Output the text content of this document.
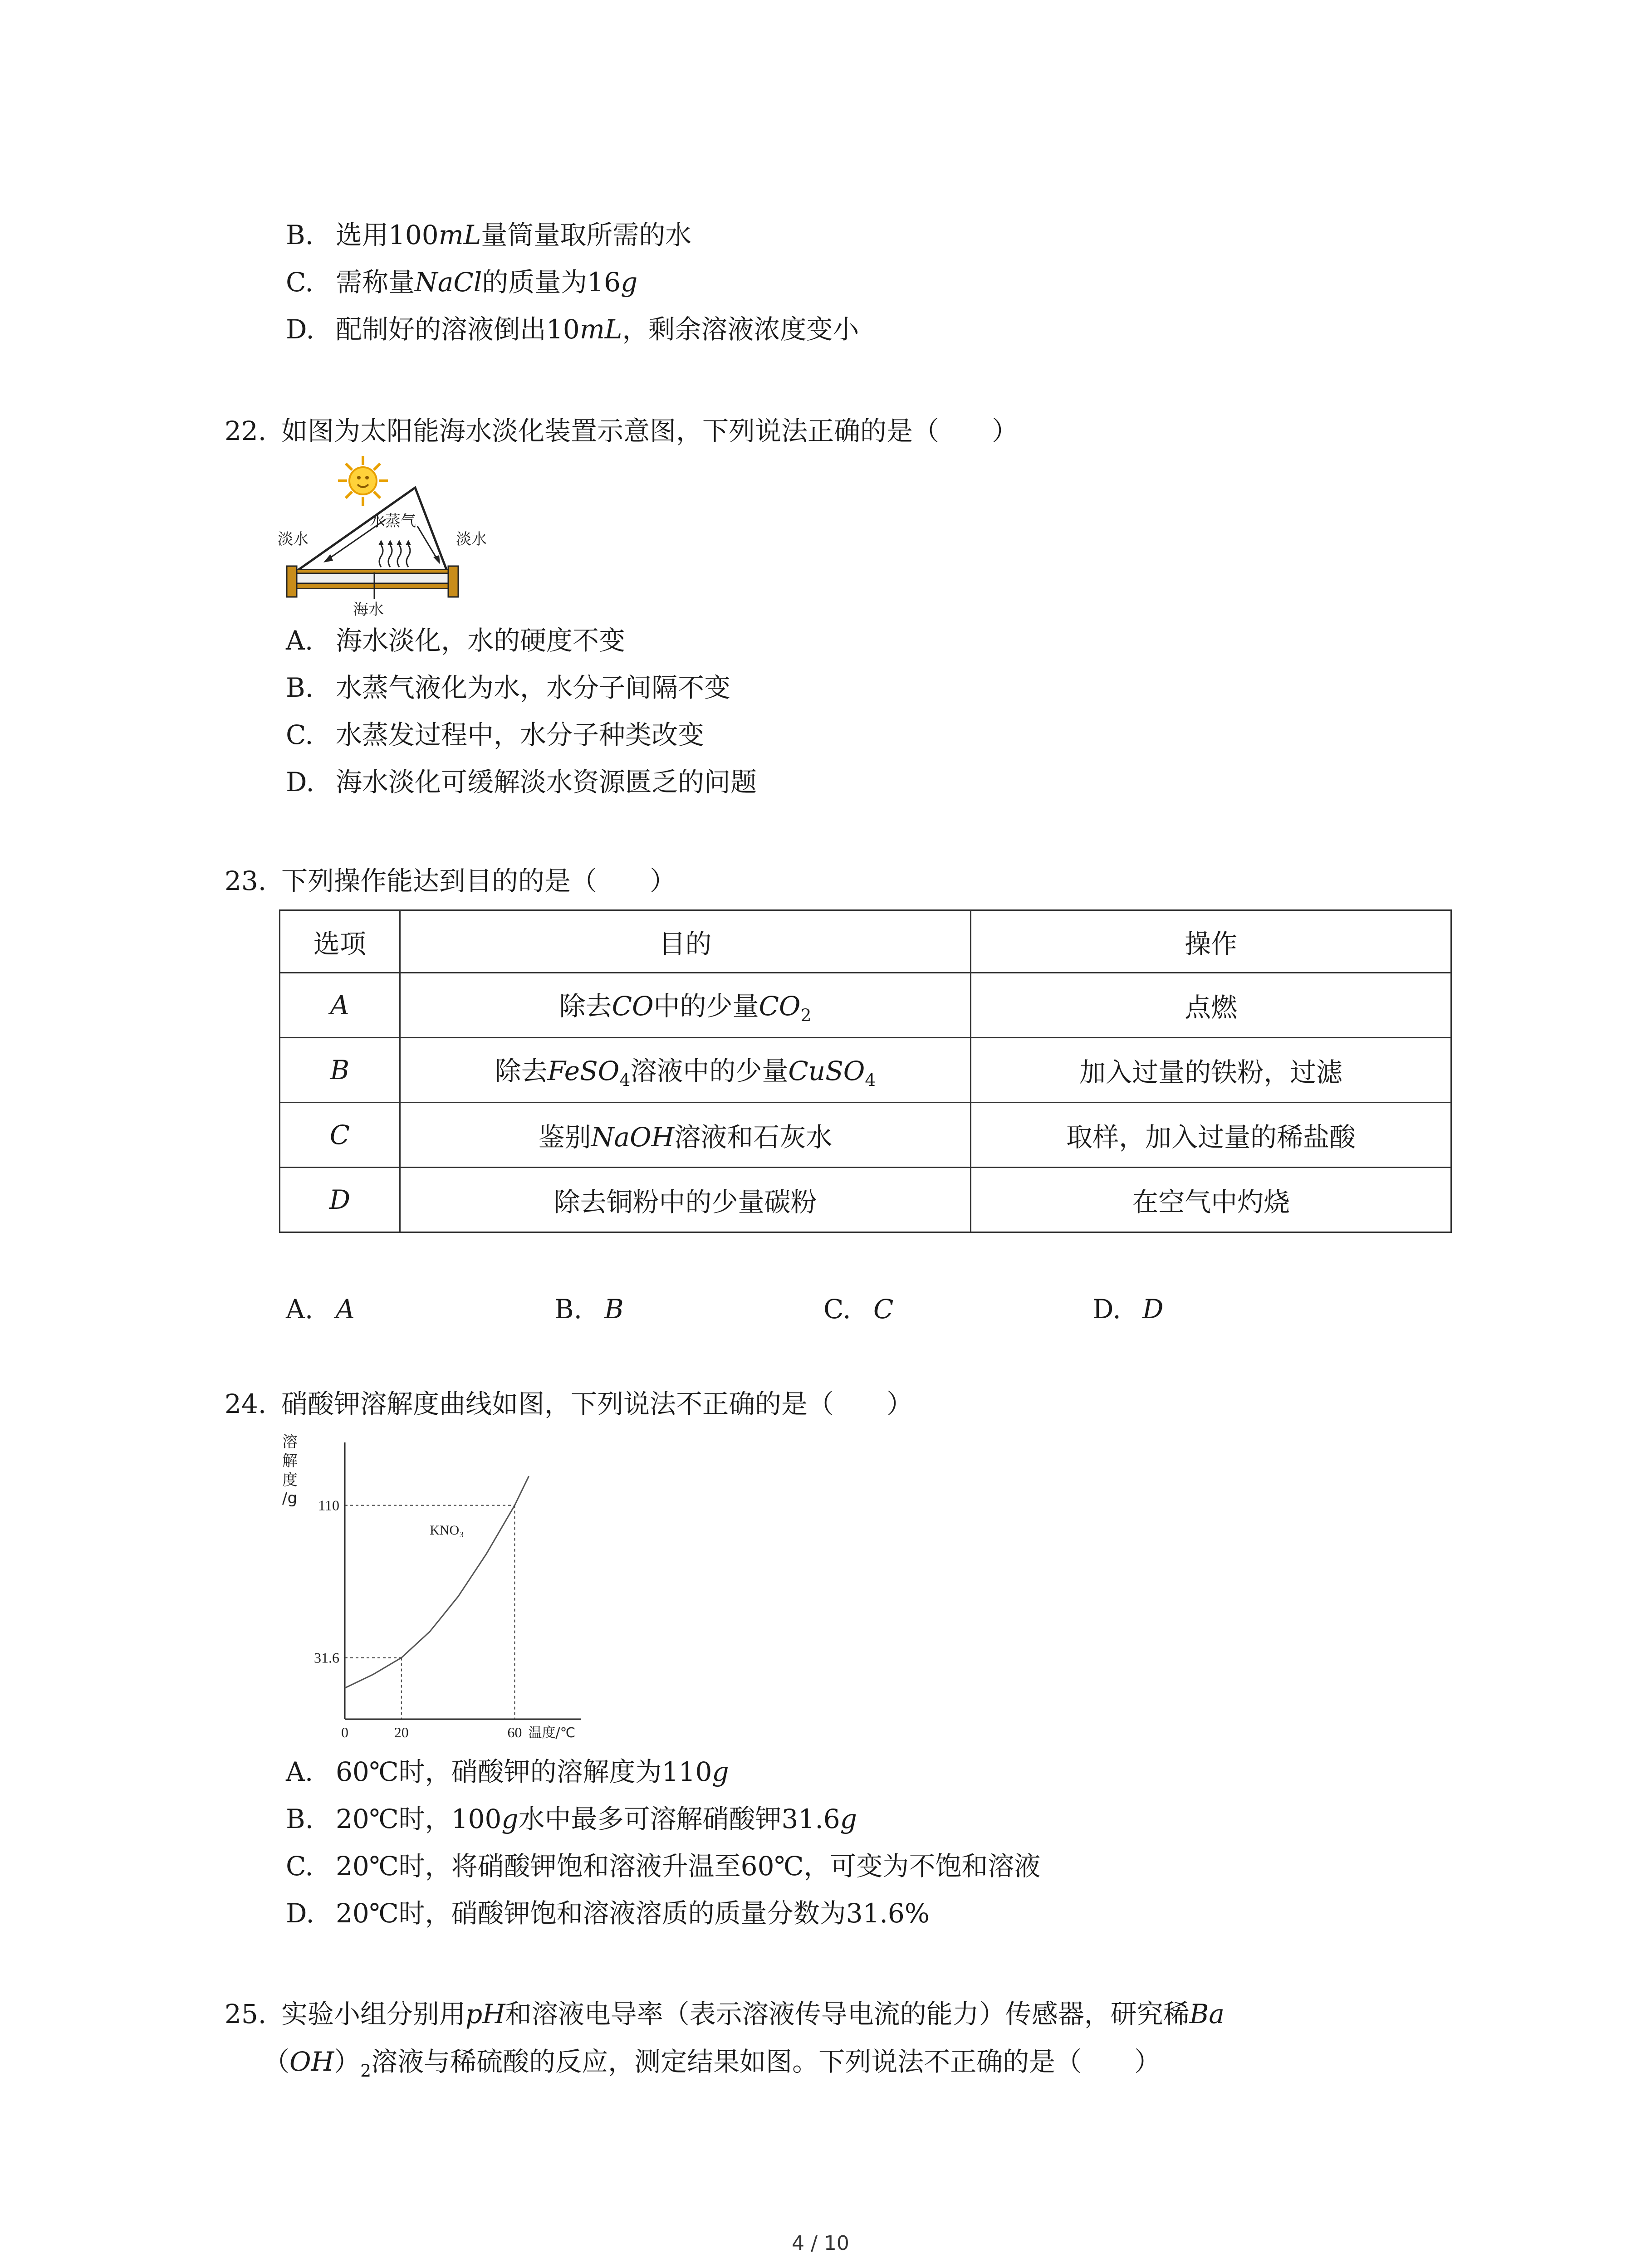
B. 选用100mL量筒量取所需的水
C. 需称量NaCl的质量为16g
D. 配制好的溶液倒出10mL，剩余溶液浓度变小
22. 如图为太阳能海水淡化装置示意图，下列说法正确的是（　　）
淡水	淡水
水蒸气
海水
A. 海水淡化，水的硬度不变
B. 水蒸气液化为水，水分子间隔不变
C. 水蒸发过程中，水分子种类改变
D. 海水淡化可缓解淡水资源匮乏的问题
23. 下列操作能达到目的的是（　　）
选项	目的	操作
A	除去CO中的少量$CO_2$	点燃
B	除去FeSO$_4$溶液中的少量CuSO$_4$	加入过量的铁粉，过滤
C	鉴别NaOH溶液和石灰水	取样，加入过量的稀盐酸
D	除去铜粉中的少量碳粉	在空气中灼烧
A. A	B. B	C. C	D. D
24. 硝酸钾溶解度曲线如图，下列说法不正确的是（　　）
溶
解
度
/g
KNO₃
31.6
110
0	20	60 温度/℃
A. 60℃时，硝酸钾的溶解度为110g
B. 20℃时，100g水中最多可溶解硝酸钾31.6g
C. 20℃时，将硝酸钾饱和溶液升温至60℃，可变为不饱和溶液
D. 20℃时，硝酸钾饱和溶液溶质的质量分数为31.6%
25. 实验小组分别用pH和溶液电导率（表示溶液传导电流的能力）传感器，研究稀Ba
$(OH)_2$溶液与稀硫酸的反应，测定结果如图。下列说法不正确的是（　　）
4 / 10
